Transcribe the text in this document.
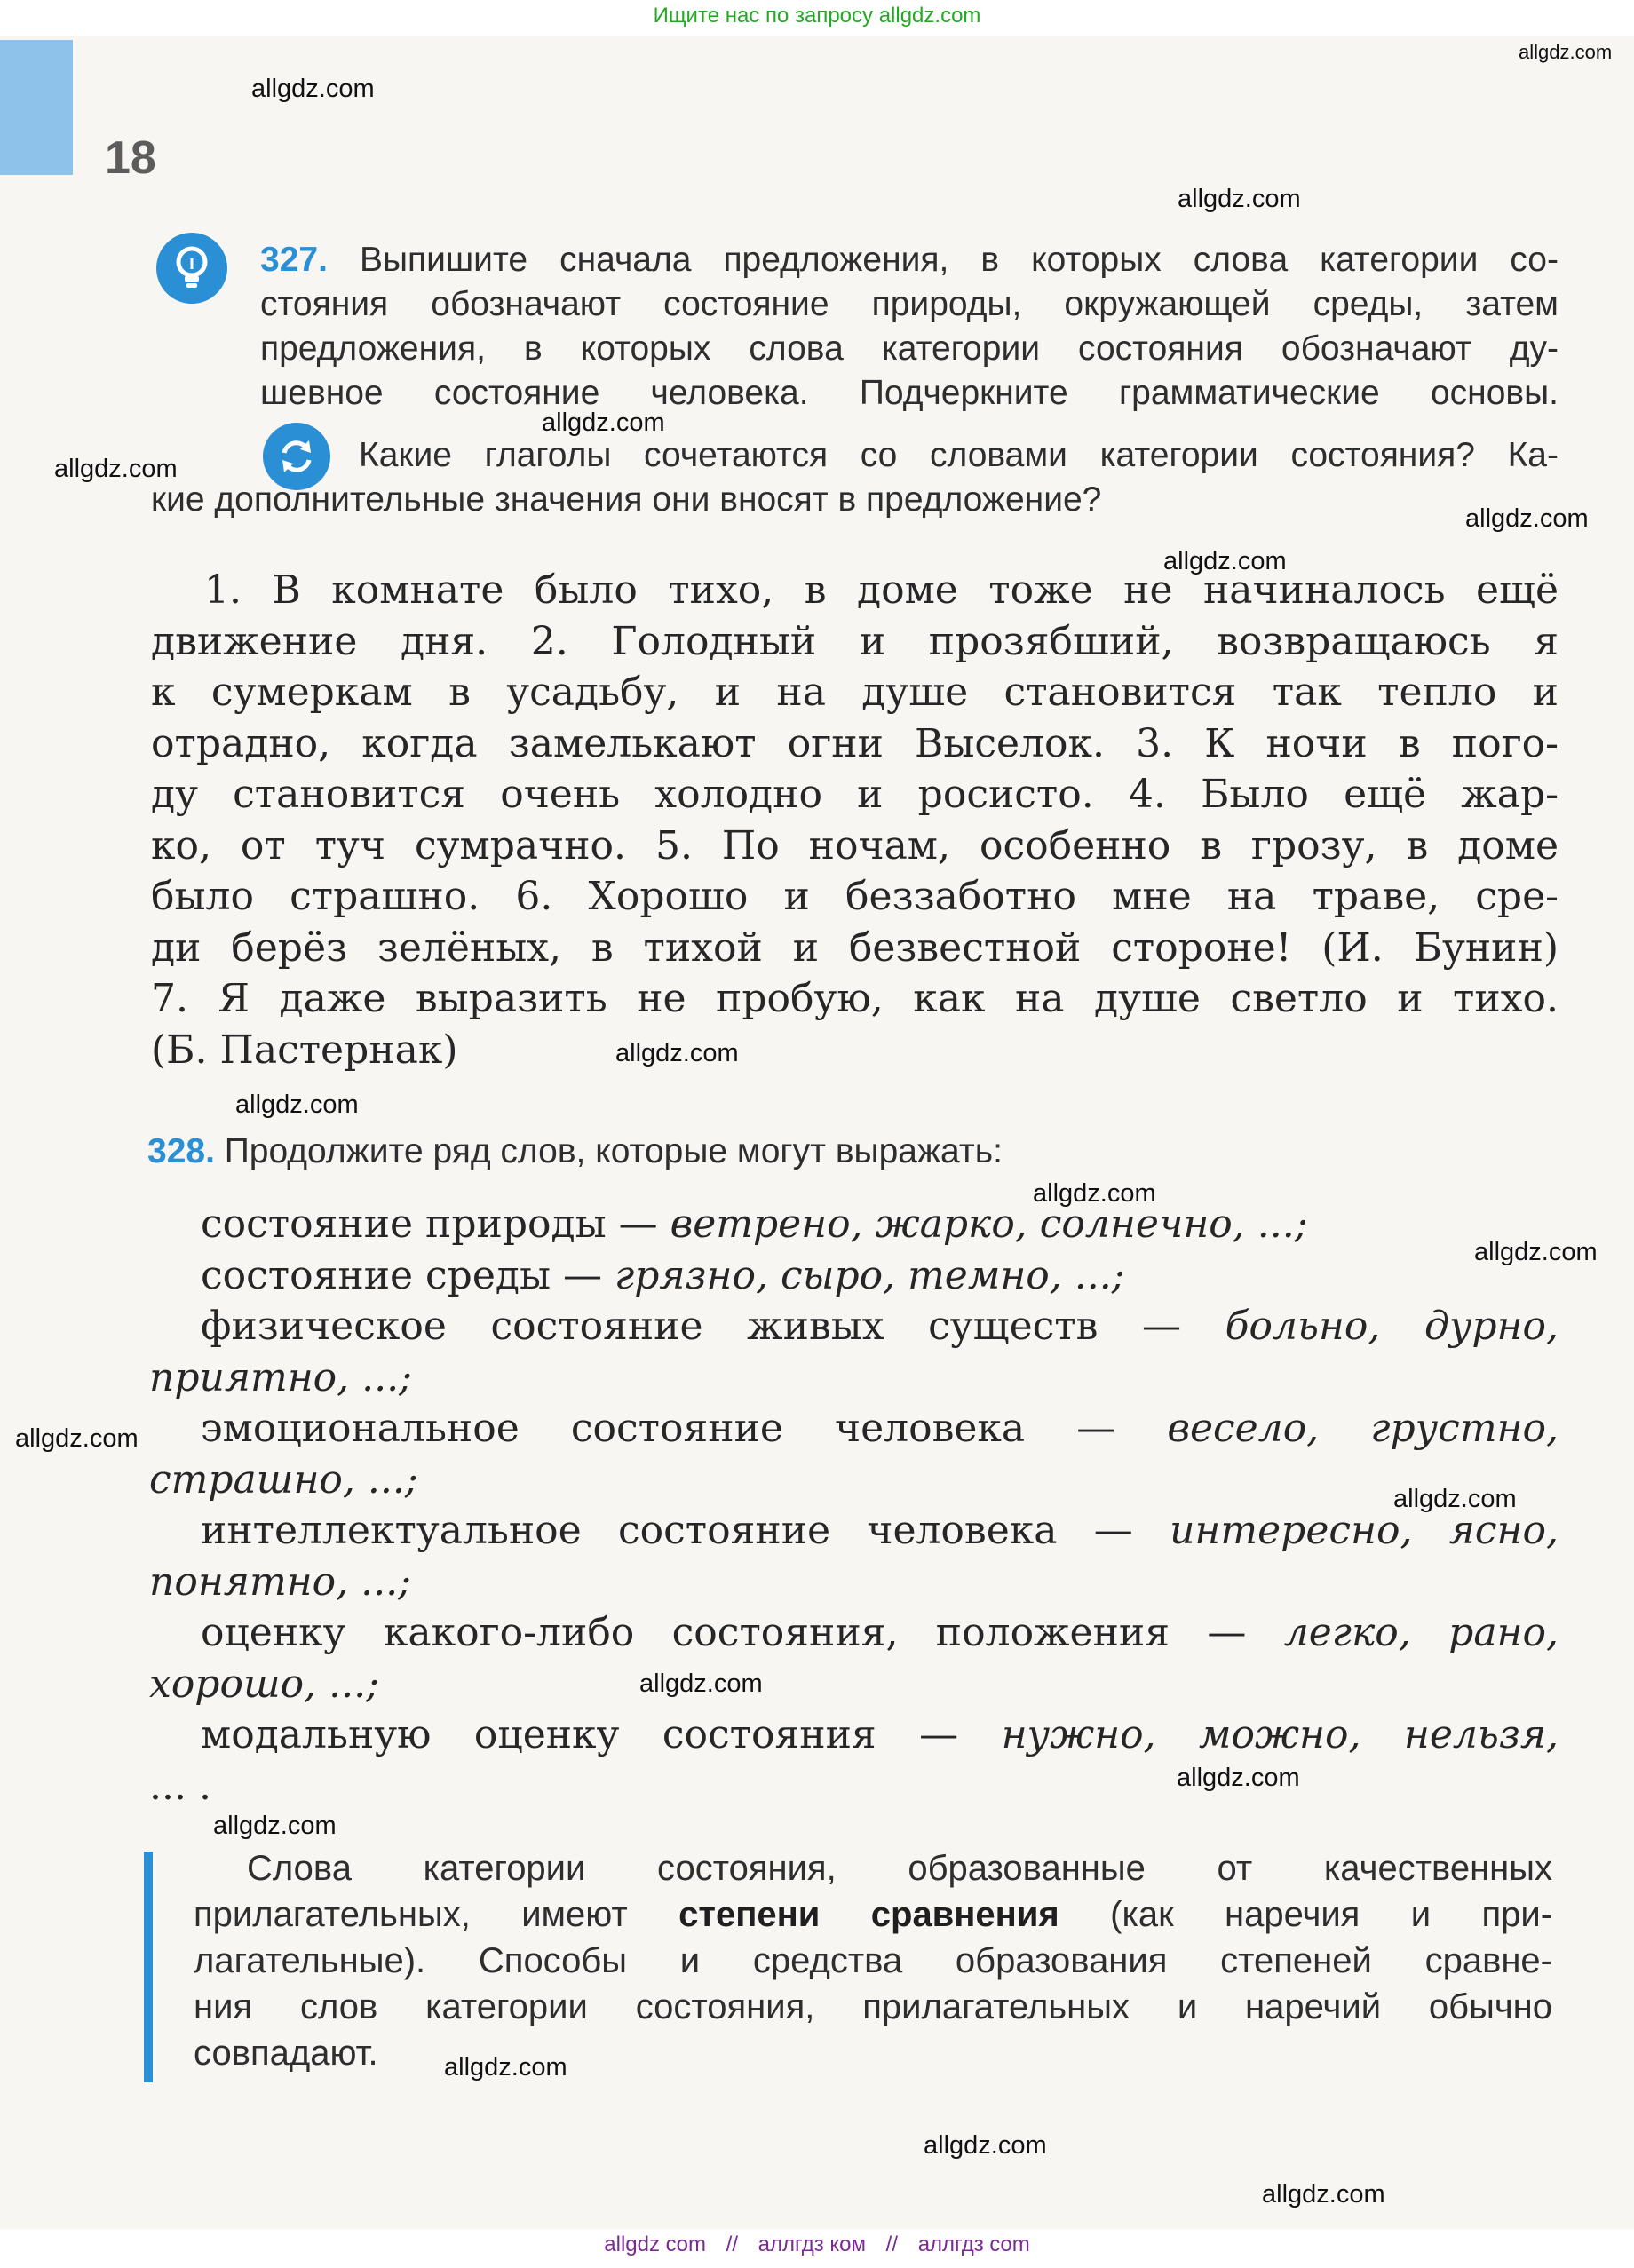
Ищите нас по запросу allgdz.com
18
327. Выпишите сначала предложения, в которых слова категории со-
стояния обозначают состояние природы, окружающей среды, затем
предложения, в которых слова категории состояния обозначают ду-
шевное состояние человека. Подчеркните грамматические основы.
Какие глаголы сочетаются со словами категории состояния? Ка-
кие дополнительные значения они вносят в предложение?
1. В комнате было тихо, в доме тоже не начиналось ещё
движение дня. 2. Голодный и прозябший, возвращаюсь я
к сумеркам в усадьбу, и на душе становится так тепло и
отрадно, когда замелькают огни Выселок. 3. К ночи в пого-
ду становится очень холодно и росисто. 4. Было ещё жар-
ко, от туч сумрачно. 5. По ночам, особенно в грозу, в доме
было страшно. 6. Хорошо и беззаботно мне на траве, сре-
ди берёз зелёных, в тихой и безвестной стороне! (И. Бунин)
7. Я даже выразить не пробую, как на душе светло и тихо.
(Б. Пастернак)
328. Продолжите ряд слов, которые могут выражать:
состояние природы — ветрено, жарко, солнечно, ...;
состояние среды — грязно, сыро, темно, ...;
физическое состояние живых существ — больно, дурно,
приятно, ...;
эмоциональное состояние человека — весело, грустно,
страшно, ...;
интеллектуальное состояние человека — интересно, ясно,
понятно, ...;
оценку какого-либо состояния, положения — легко, рано,
хорошо, ...;
модальную оценку состояния — нужно, можно, нельзя,
... .
Слова категории состояния, образованные от качественных
прилагательных, имеют степени сравнения (как наречия и при-
лагательные). Способы и средства образования степеней сравне-
ния слов категории состояния, прилагательных и наречий обычно
совпадают.
allgdz.com
allgdz.com
allgdz.com
allgdz.com
allgdz.com
allgdz.com
allgdz.com
allgdz.com
allgdz.com
allgdz.com
allgdz.com
allgdz.com
allgdz.com
allgdz.com
allgdz.com
allgdz.com
allgdz.com
allgdz.com
allgdz.com
allgdz com // аллгдз ком // аллгдз com
